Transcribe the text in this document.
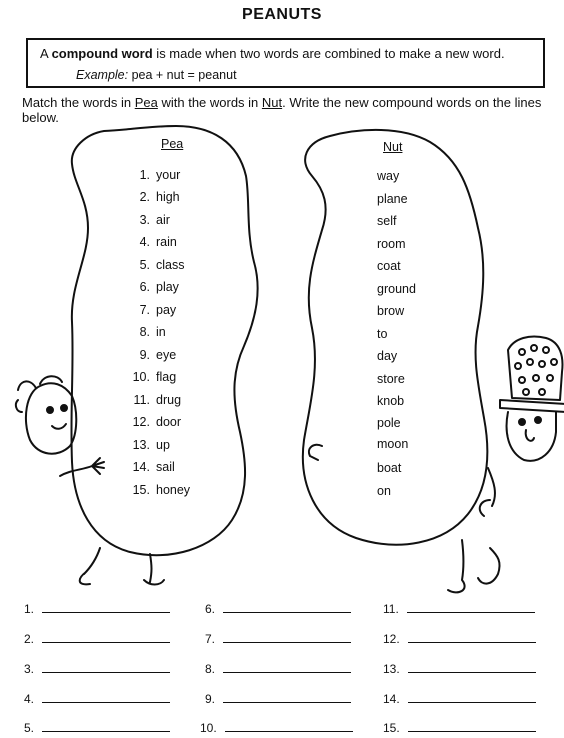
PEANUTS
A compound word is made when two words are combined to make a new word.
Example: pea + nut = peanut
Match the words in Pea with the words in Nut. Write the new compound words on the lines below.
Pea	Nut
1. your
2. high
3. air
4. rain
5. class
6. play
7. pay
8. in
9. eye
10. flag
11. drug
12. door
13. up
14. sail
15. honey
way
plane
self
room
coat
ground
brow
to
day
store
knob
pole
moon
boat
on
1.
2.
3.
4.
5.
6.
7.
8.
9.
10.
11.
12.
13.
14.
15.
